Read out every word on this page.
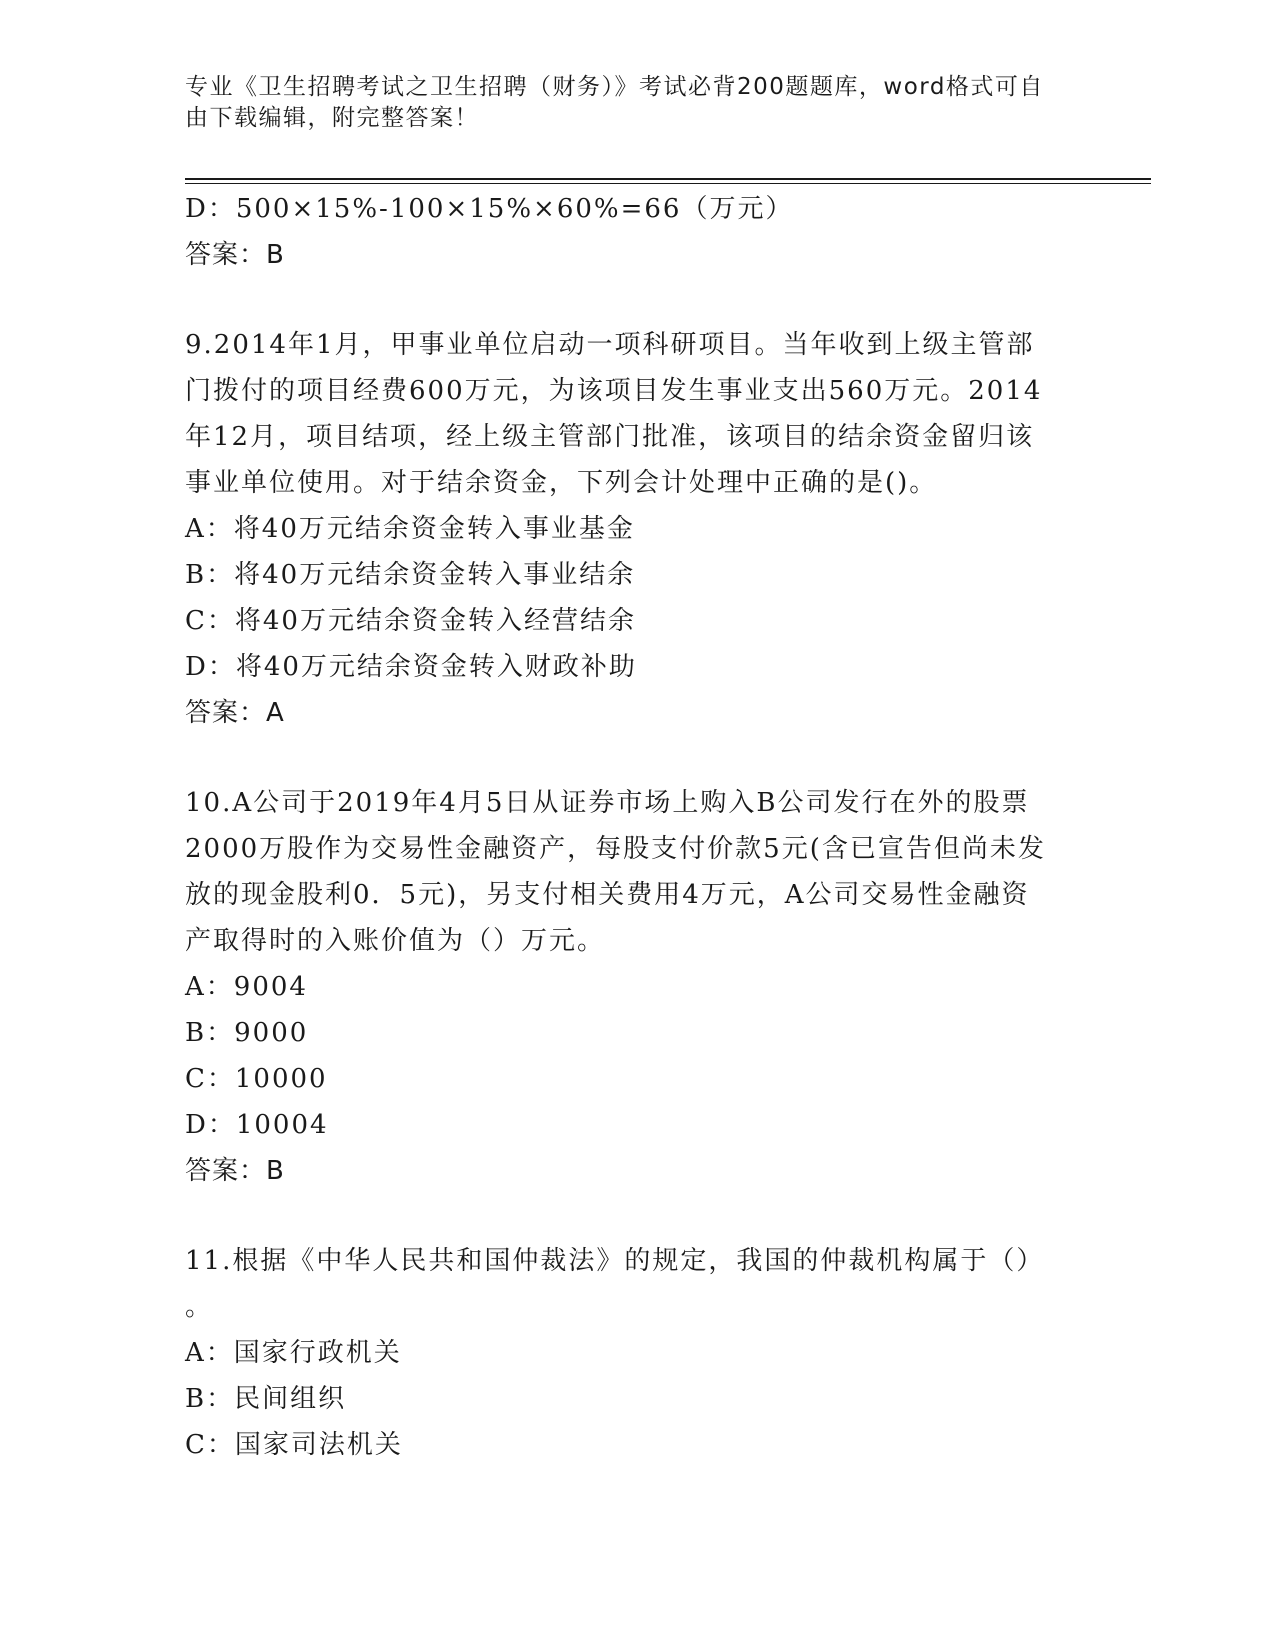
专业《卫生招聘考试之卫生招聘（财务）》考试必背200题题库，word格式可自由下载编辑，附完整答案！

D：500×15%-100×15%×60%=66（万元）
答案：B
9.2014年1月，甲事业单位启动一项科研项目。当年收到上级主管部
门拨付的项目经费600万元，为该项目发生事业支出560万元。2014
年12月，项目结项，经上级主管部门批准，该项目的结余资金留归该
事业单位使用。对于结余资金，下列会计处理中正确的是()。
A：将40万元结余资金转入事业基金
B：将40万元结余资金转入事业结余
C：将40万元结余资金转入经营结余
D：将40万元结余资金转入财政补助
答案：A
10.A公司于2019年4月5日从证券市场上购入B公司发行在外的股票
2000万股作为交易性金融资产，每股支付价款5元(含已宣告但尚未发
放的现金股利0．5元)，另支付相关费用4万元，A公司交易性金融资
产取得时的入账价值为（）万元。
A：9004
B：9000
C：10000
D：10004
答案：B
11.根据《中华人民共和国仲裁法》的规定，我国的仲裁机构属于（）
。
A：国家行政机关
B：民间组织
C：国家司法机关
